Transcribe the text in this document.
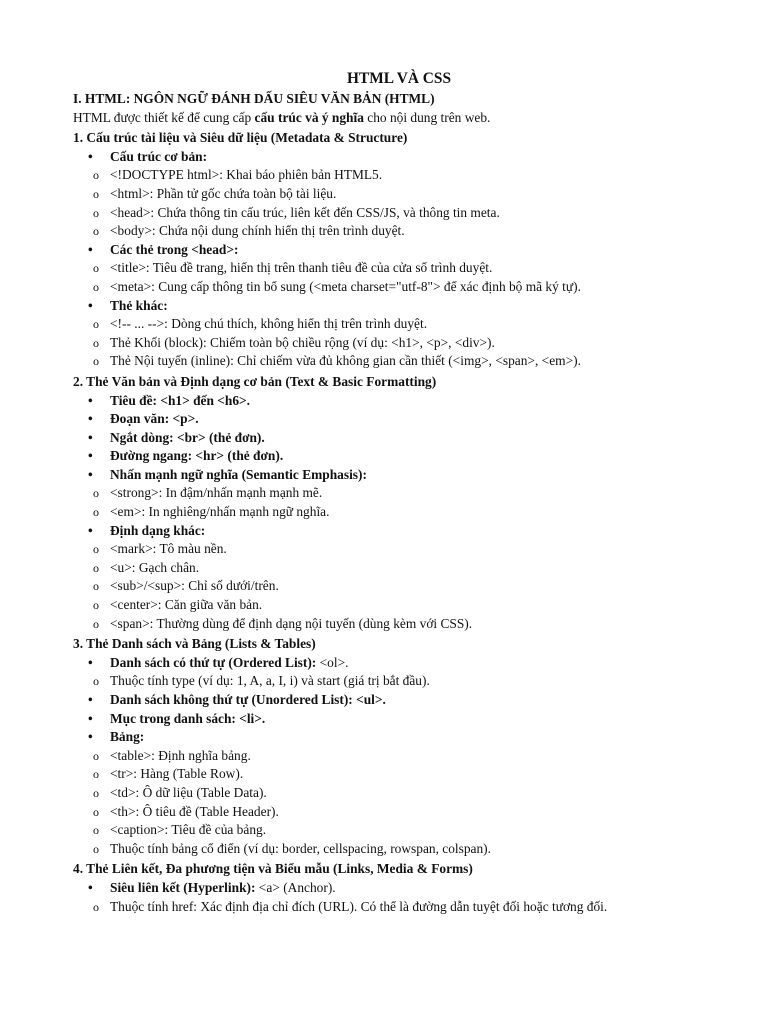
HTML VÀ CSS
I. HTML: NGÔN NGỮ ĐÁNH DẤU SIÊU VĂN BẢN (HTML)
HTML được thiết kế để cung cấp cấu trúc và ý nghĩa cho nội dung trên web.
1. Cấu trúc tài liệu và Siêu dữ liệu (Metadata & Structure)
• Cấu trúc cơ bản:
o <!DOCTYPE html>: Khai báo phiên bản HTML5.
o <html>: Phần tử gốc chứa toàn bộ tài liệu.
o <head>: Chứa thông tin cấu trúc, liên kết đến CSS/JS, và thông tin meta.
o <body>: Chứa nội dung chính hiển thị trên trình duyệt.
• Các thẻ trong <head>:
o <title>: Tiêu đề trang, hiển thị trên thanh tiêu đề của cửa sổ trình duyệt.
o <meta>: Cung cấp thông tin bổ sung (<meta charset="utf-8"> để xác định bộ mã ký tự).
• Thẻ khác:
o <!-- ... -->: Dòng chú thích, không hiển thị trên trình duyệt.
o Thẻ Khối (block): Chiếm toàn bộ chiều rộng (ví dụ: <h1>, <p>, <div>).
o Thẻ Nội tuyến (inline): Chỉ chiếm vừa đủ không gian cần thiết (<img>, <span>, <em>).
2. Thẻ Văn bản và Định dạng cơ bản (Text & Basic Formatting)
• Tiêu đề: <h1> đến <h6>.
• Đoạn văn: <p>.
• Ngắt dòng: <br> (thẻ đơn).
• Đường ngang: <hr> (thẻ đơn).
• Nhấn mạnh ngữ nghĩa (Semantic Emphasis):
o <strong>: In đậm/nhấn mạnh mạnh mẽ.
o <em>: In nghiêng/nhấn mạnh ngữ nghĩa.
• Định dạng khác:
o <mark>: Tô màu nền.
o <u>: Gạch chân.
o <sub>/<sup>: Chỉ số dưới/trên.
o <center>: Căn giữa văn bản.
o <span>: Thường dùng để định dạng nội tuyến (dùng kèm với CSS).
3. Thẻ Danh sách và Bảng (Lists & Tables)
• Danh sách có thứ tự (Ordered List): <ol>.
o Thuộc tính type (ví dụ: 1, A, a, I, i) và start (giá trị bắt đầu).
• Danh sách không thứ tự (Unordered List): <ul>.
• Mục trong danh sách: <li>.
• Bảng:
o <table>: Định nghĩa bảng.
o <tr>: Hàng (Table Row).
o <td>: Ô dữ liệu (Table Data).
o <th>: Ô tiêu đề (Table Header).
o <caption>: Tiêu đề của bảng.
o Thuộc tính bảng cổ điển (ví dụ: border, cellspacing, rowspan, colspan).
4. Thẻ Liên kết, Đa phương tiện và Biểu mẫu (Links, Media & Forms)
• Siêu liên kết (Hyperlink): <a> (Anchor).
o Thuộc tính href: Xác định địa chỉ đích (URL). Có thể là đường dẫn tuyệt đối hoặc tương đối.
